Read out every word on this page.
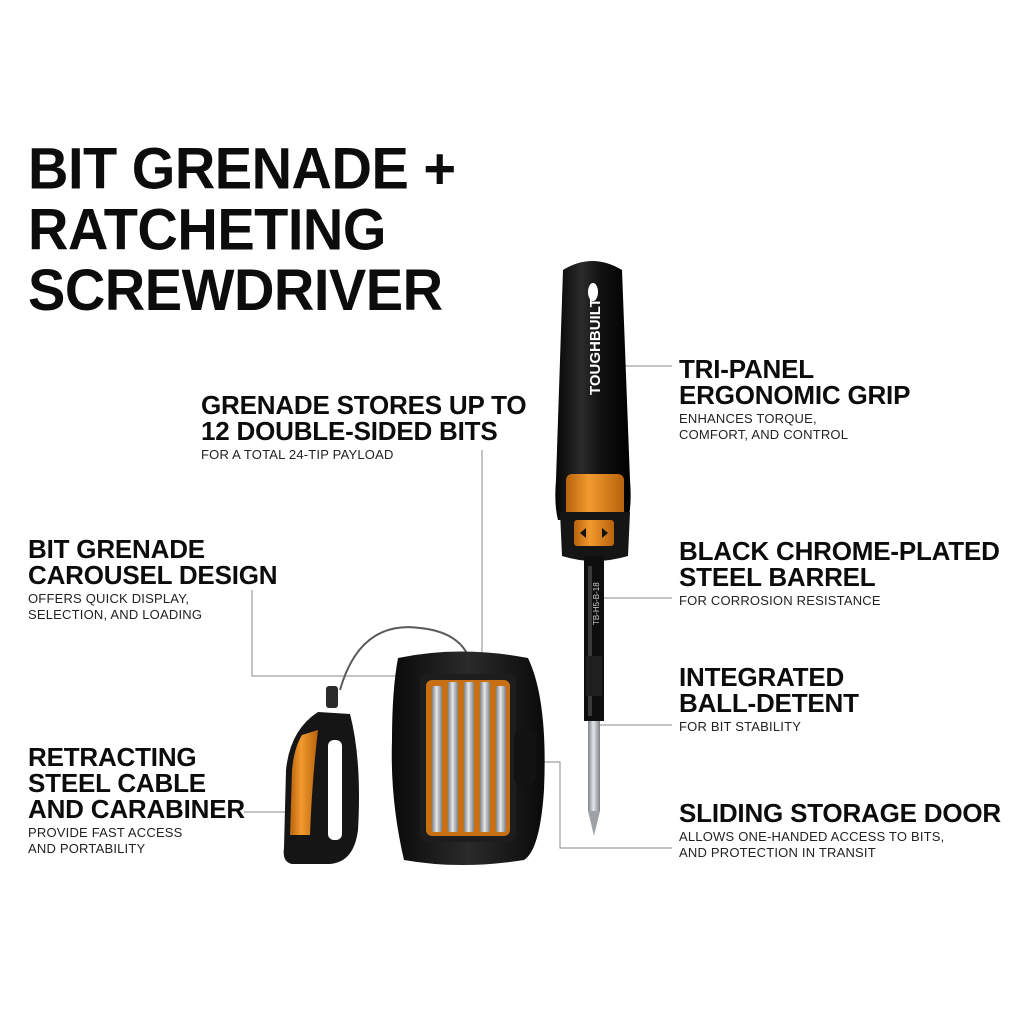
BIT GRENADE + RATCHETING
SCREWDRIVER
TOUGHBUILT
TB-H5-B-18
GRENADE STORES UP TO
12 DOUBLE-SIDED BITS
FOR A TOTAL 24-TIP PAYLOAD
TRI-PANEL
ERGONOMIC GRIP
ENHANCES TORQUE,
COMFORT, AND CONTROL
BIT GRENADE
CAROUSEL DESIGN
OFFERS QUICK DISPLAY,
SELECTION, AND LOADING
BLACK CHROME-PLATED
STEEL BARREL
FOR CORROSION RESISTANCE
INTEGRATED
BALL-DETENT
FOR BIT STABILITY
RETRACTING
STEEL CABLE
AND CARABINER
PROVIDE FAST ACCESS
AND PORTABILITY
SLIDING STORAGE DOOR
ALLOWS ONE-HANDED ACCESS TO BITS,
AND PROTECTION IN TRANSIT
